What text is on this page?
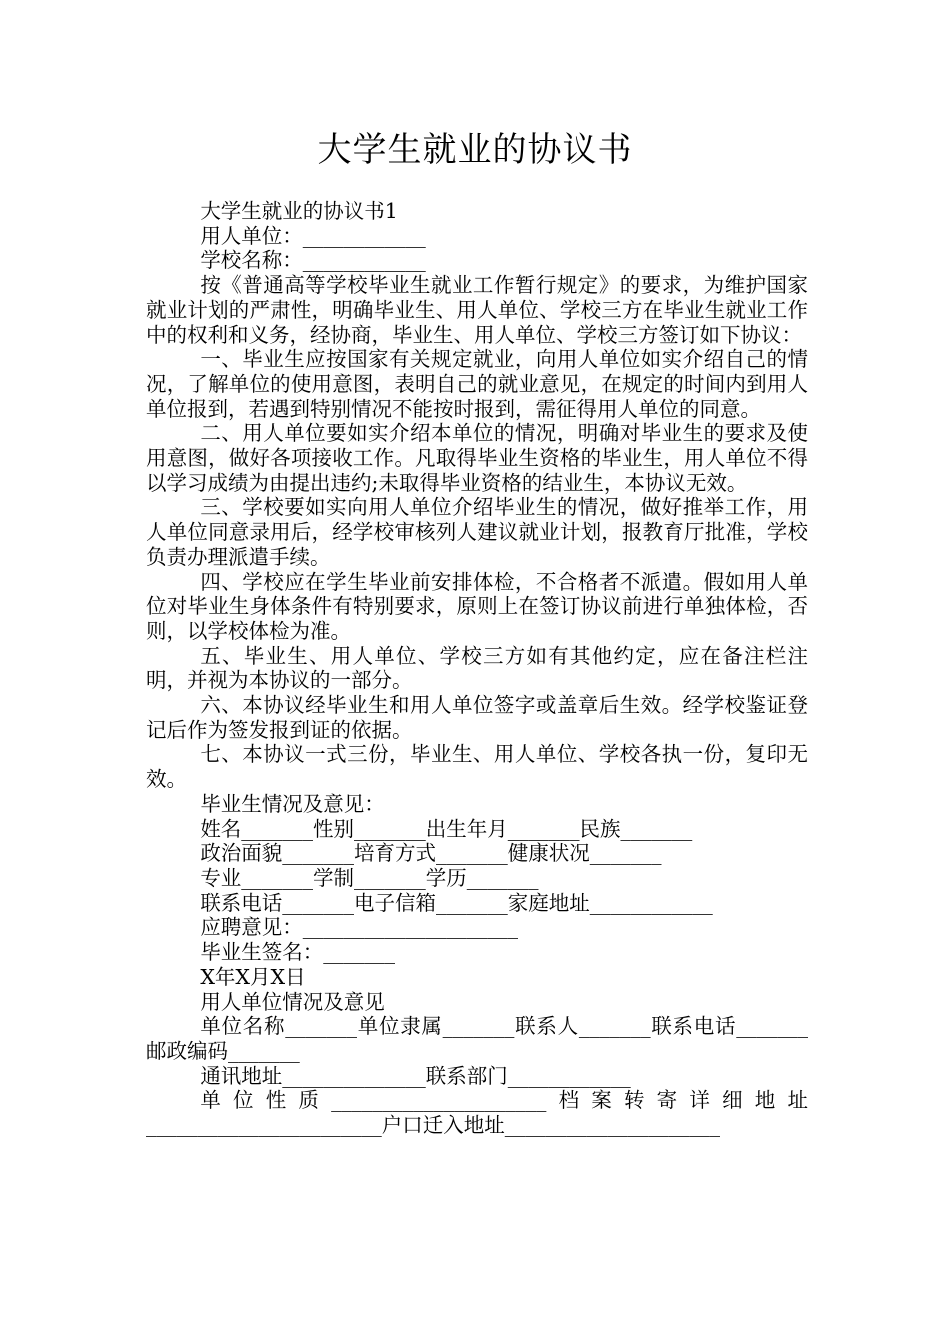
大学生就业的协议书

大学生就业的协议书1

用人单位：____________

学校名称：____________

按《普通高等学校毕业生就业工作暂行规定》的要求，为维护国家就业计划的严肃性，明确毕业生、用人单位、学校三方在毕业生就业工作中的权利和义务，经协商，毕业生、用人单位、学校三方签订如下协议：

一、毕业生应按国家有关规定就业，向用人单位如实介绍自己的情况，了解单位的使用意图，表明自己的就业意见，在规定的时间内到用人单位报到，若遇到特别情况不能按时报到，需征得用人单位的同意。

二、用人单位要如实介绍本单位的情况，明确对毕业生的要求及使用意图，做好各项接收工作。凡取得毕业生资格的毕业生，用人单位不得以学习成绩为由提出违约;未取得毕业资格的结业生，本协议无效。

三、学校要如实向用人单位介绍毕业生的情况，做好推举工作，用人单位同意录用后，经学校审核列人建议就业计划，报教育厅批准，学校负责办理派遣手续。

四、学校应在学生毕业前安排体检，不合格者不派遣。假如用人单位对毕业生身体条件有特别要求，原则上在签订协议前进行单独体检，否则，以学校体检为准。

五、毕业生、用人单位、学校三方如有其他约定，应在备注栏注明，并视为本协议的一部分。

六、本协议经毕业生和用人单位签字或盖章后生效。经学校鉴证登记后作为签发报到证的依据。

七、本协议一式三份，毕业生、用人单位、学校各执一份，复印无效。

毕业生情况及意见：

姓名_______性别_______出生年月_______民族_______

政治面貌_______培育方式_______健康状况_______

专业_______学制_______学历_______

联系电话_______电子信箱_______家庭地址____________

应聘意见：_____________________

毕业生签名：_______

X年X月X日

用人单位情况及意见

单位名称_______单位隶属_______联系人_______联系电话_______邮政编码_______

通讯地址______________联系部门____________

单位性质_____________________档案转寄详细地址_______________________户口迁入地址_____________________
